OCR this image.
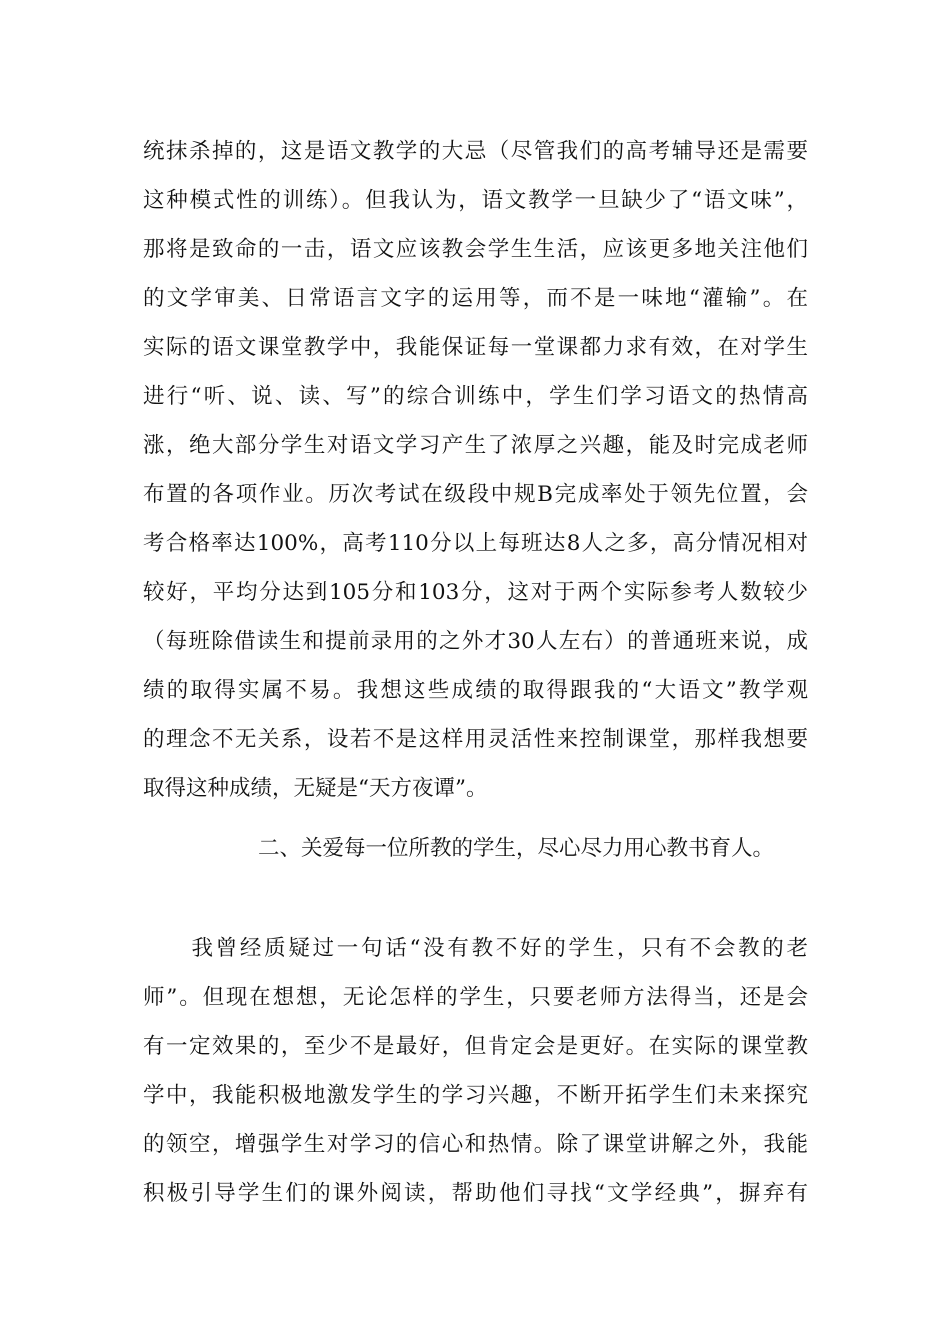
统抹杀掉的，这是语文教学的大忌（尽管我们的高考辅导还是需要
这种模式性的训练）。但我认为，语文教学一旦缺少了“语文味”，
那将是致命的一击，语文应该教会学生生活，应该更多地关注他们
的文学审美、日常语言文字的运用等，而不是一味地“灌输”。在
实际的语文课堂教学中，我能保证每一堂课都力求有效，在对学生
进行“听、说、读、写”的综合训练中，学生们学习语文的热情高
涨，绝大部分学生对语文学习产生了浓厚之兴趣，能及时完成老师
布置的各项作业。历次考试在级段中规B完成率处于领先位置，会
考合格率达100%，高考110分以上每班达8人之多，高分情况相对
较好，平均分达到105分和103分，这对于两个实际参考人数较少
（每班除借读生和提前录用的之外才30人左右）的普通班来说，成
绩的取得实属不易。我想这些成绩的取得跟我的“大语文”教学观
的理念不无关系，设若不是这样用灵活性来控制课堂，那样我想要
取得这种成绩，无疑是“天方夜谭”。
二、关爱每一位所教的学生，尽心尽力用心教书育人。
　　我曾经质疑过一句话“没有教不好的学生，只有不会教的老
师”。但现在想想，无论怎样的学生，只要老师方法得当，还是会
有一定效果的，至少不是最好，但肯定会是更好。在实际的课堂教
学中，我能积极地激发学生的学习兴趣，不断开拓学生们未来探究
的领空，增强学生对学习的信心和热情。除了课堂讲解之外，我能
积极引导学生们的课外阅读，帮助他们寻找“文学经典”，摒弃有
